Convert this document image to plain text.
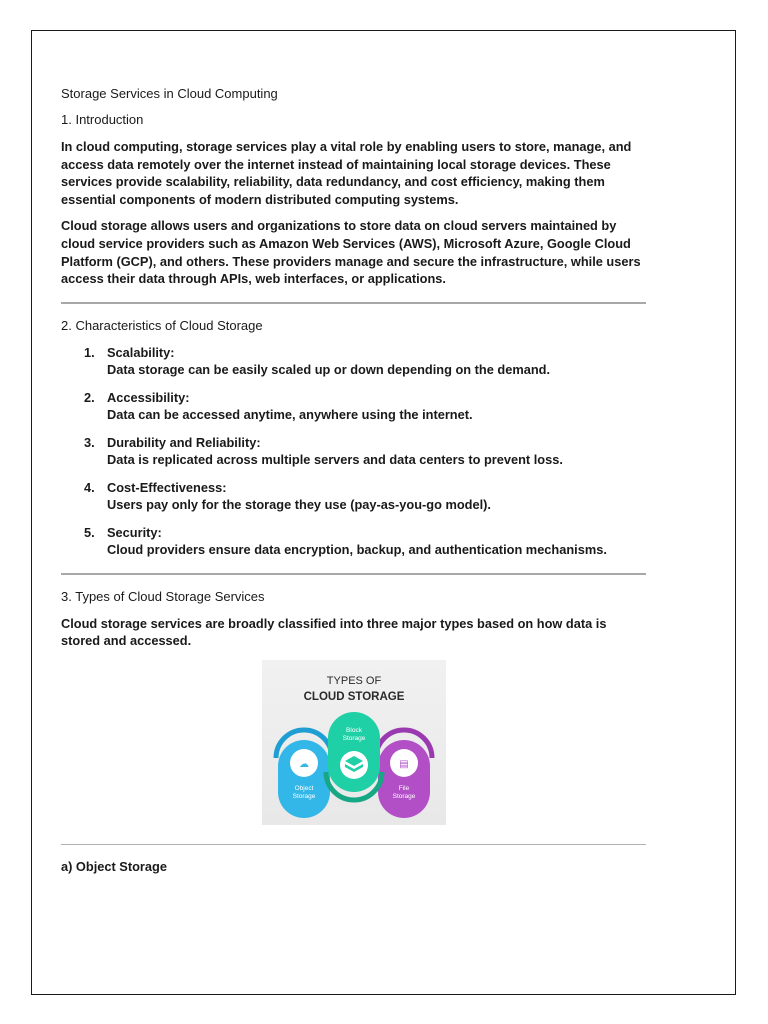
Storage Services in Cloud Computing
1. Introduction

In cloud computing, storage services play a vital role by enabling users to store, manage, and access data remotely over the internet instead of maintaining local storage devices. These services provide scalability, reliability, data redundancy, and cost efficiency, making them essential components of modern distributed computing systems.

Cloud storage allows users and organizations to store data on cloud servers maintained by cloud service providers such as Amazon Web Services (AWS), Microsoft Azure, Google Cloud Platform (GCP), and others. These providers manage and secure the infrastructure, while users access their data through APIs, web interfaces, or applications.

2. Characteristics of Cloud Storage
1. Scalability:
Data storage can be easily scaled up or down depending on the demand.
2. Accessibility:
Data can be accessed anytime, anywhere using the internet.
3. Durability and Reliability:
Data is replicated across multiple servers and data centers to prevent loss.
4. Cost-Effectiveness:
Users pay only for the storage they use (pay-as-you-go model).
5. Security:
Cloud providers ensure data encryption, backup, and authentication mechanisms.
3. Types of Cloud Storage Services

Cloud storage services are broadly classified into three major types based on how data is stored and accessed.

TYPES OF
CLOUD STORAGE
☁
Object
Storage
▤
File
Storage
Block
Storage
a) Object Storage
